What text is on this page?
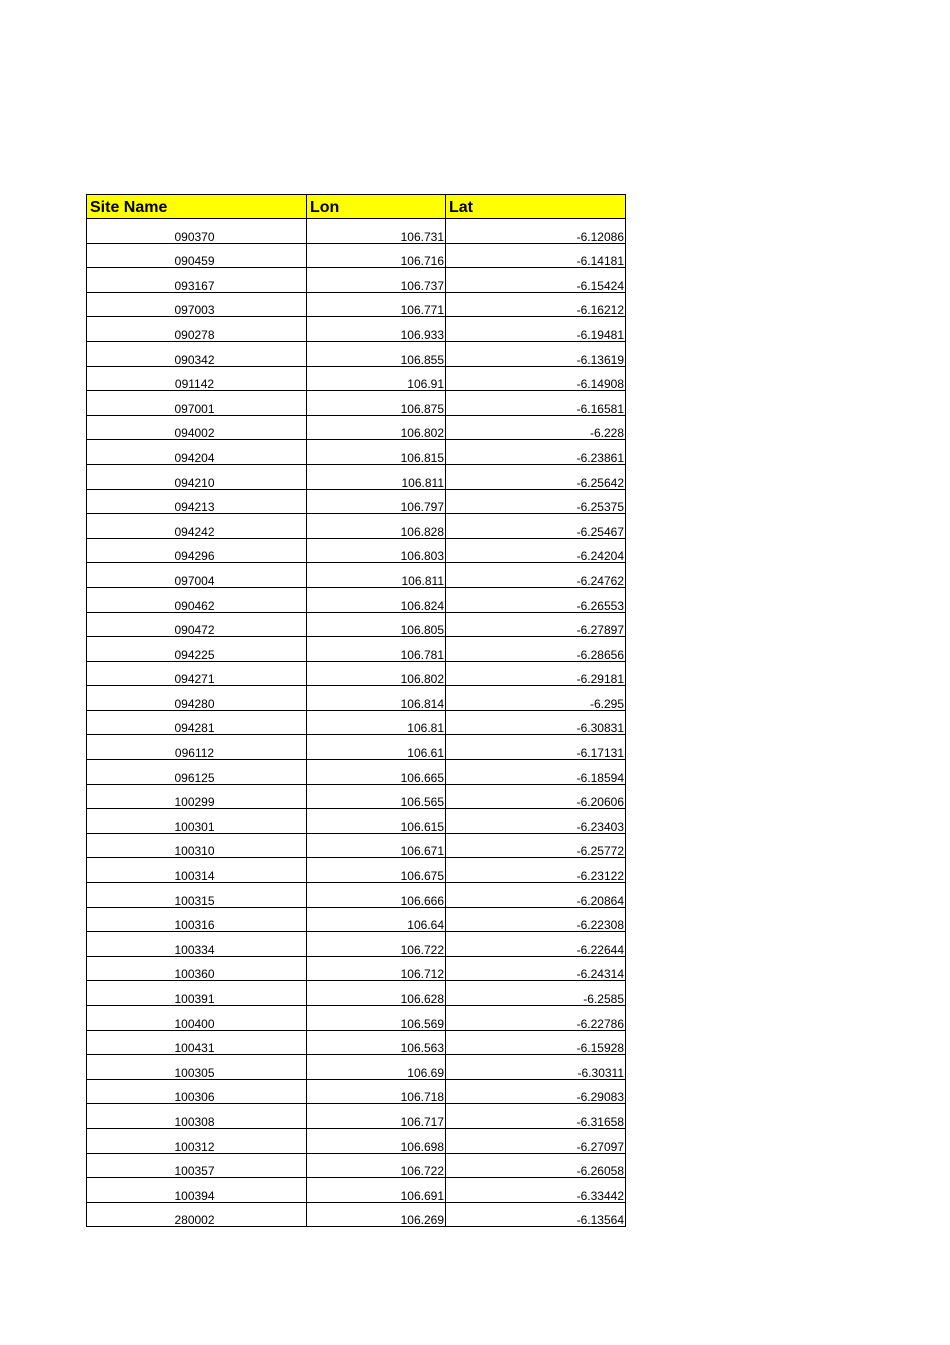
Site Name	Lon	Lat
090370	106.731	-6.12086
090459	106.716	-6.14181
093167	106.737	-6.15424
097003	106.771	-6.16212
090278	106.933	-6.19481
090342	106.855	-6.13619
091142	106.91	-6.14908
097001	106.875	-6.16581
094002	106.802	-6.228
094204	106.815	-6.23861
094210	106.811	-6.25642
094213	106.797	-6.25375
094242	106.828	-6.25467
094296	106.803	-6.24204
097004	106.811	-6.24762
090462	106.824	-6.26553
090472	106.805	-6.27897
094225	106.781	-6.28656
094271	106.802	-6.29181
094280	106.814	-6.295
094281	106.81	-6.30831
096112	106.61	-6.17131
096125	106.665	-6.18594
100299	106.565	-6.20606
100301	106.615	-6.23403
100310	106.671	-6.25772
100314	106.675	-6.23122
100315	106.666	-6.20864
100316	106.64	-6.22308
100334	106.722	-6.22644
100360	106.712	-6.24314
100391	106.628	-6.2585
100400	106.569	-6.22786
100431	106.563	-6.15928
100305	106.69	-6.30311
100306	106.718	-6.29083
100308	106.717	-6.31658
100312	106.698	-6.27097
100357	106.722	-6.26058
100394	106.691	-6.33442
280002	106.269	-6.13564
